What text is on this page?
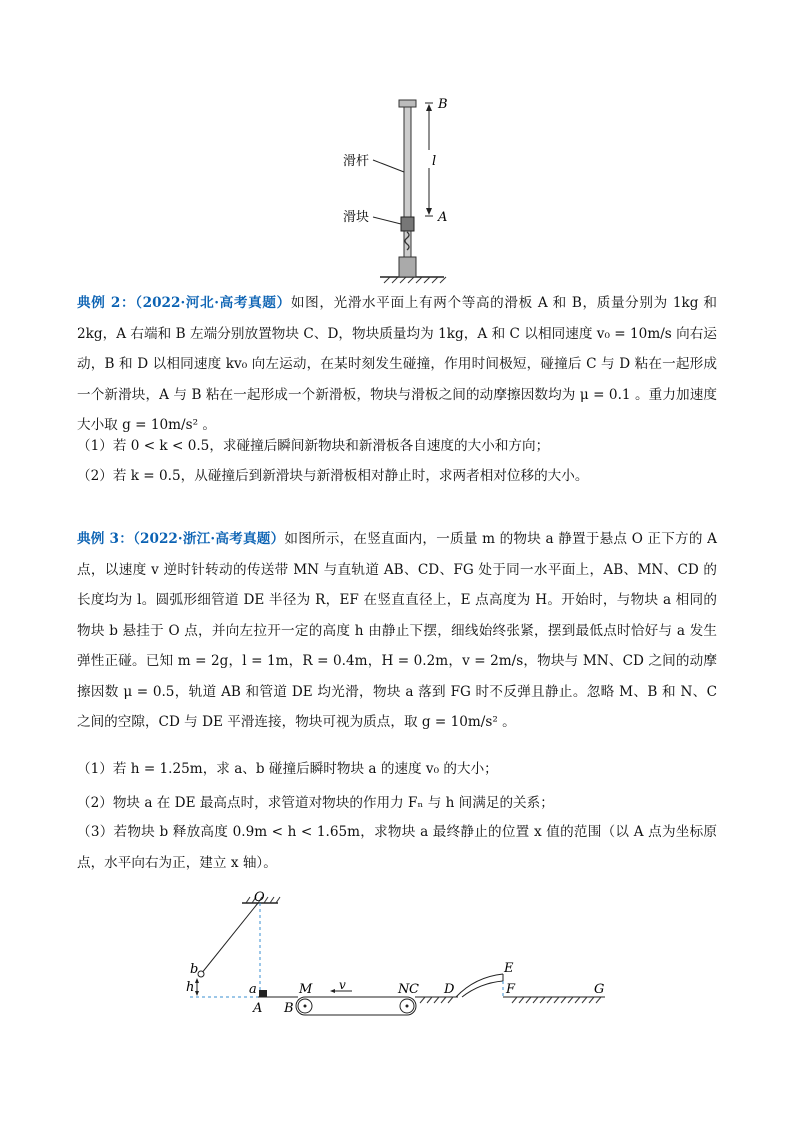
B
l
A
滑杆
滑块
典例 2：（2022·河北·高考真题）如图，光滑水平面上有两个等高的滑板 A 和 B，质量分别为 1kg 和 2kg，A 右端和 B 左端分别放置物块 C、D，物块质量均为 1kg，A 和 C 以相同速度 v₀ = 10m/s 向右运动，B 和 D 以相同速度 kv₀ 向左运动，在某时刻发生碰撞，作用时间极短，碰撞后 C 与 D 粘在一起形成一个新滑块，A 与 B 粘在一起形成一个新滑板，物块与滑板之间的动摩擦因数均为 μ = 0.1 。重力加速度大小取 g = 10m/s² 。
（1）若 0 < k < 0.5，求碰撞后瞬间新物块和新滑板各自速度的大小和方向；
（2）若 k = 0.5，从碰撞后到新滑块与新滑板相对静止时，求两者相对位移的大小。
典例 3：（2022·浙江·高考真题）如图所示，在竖直面内，一质量 m 的物块 a 静置于悬点 O 正下方的 A 点，以速度 v 逆时针转动的传送带 MN 与直轨道 AB、CD、FG 处于同一水平面上，AB、MN、CD 的长度均为 l。圆弧形细管道 DE 半径为 R，EF 在竖直直径上，E 点高度为 H。开始时，与物块 a 相同的物块 b 悬挂于 O 点，并向左拉开一定的高度 h 由静止下摆，细线始终张紧，摆到最低点时恰好与 a 发生弹性正碰。已知 m = 2g，l = 1m，R = 0.4m，H = 0.2m，v = 2m/s，物块与 MN、CD 之间的动摩擦因数 μ = 0.5，轨道 AB 和管道 DE 均光滑，物块 a 落到 FG 时不反弹且静止。忽略 M、B 和 N、C 之间的空隙，CD 与 DE 平滑连接，物块可视为质点，取 g = 10m/s² 。
（1）若 h = 1.25m，求 a、b 碰撞后瞬时物块 a 的速度 v₀ 的大小；
（2）物块 a 在 DE 最高点时，求管道对物块的作用力 Fₙ 与 h 间满足的关系；
（3）若物块 b 释放高度 0.9m < h < 1.65m，求物块 a 最终静止的位置 x 值的范围（以 A 点为坐标原点，水平向右为正，建立 x 轴）。
O
b
h	a
A B
M v	N C D
E
F	G
